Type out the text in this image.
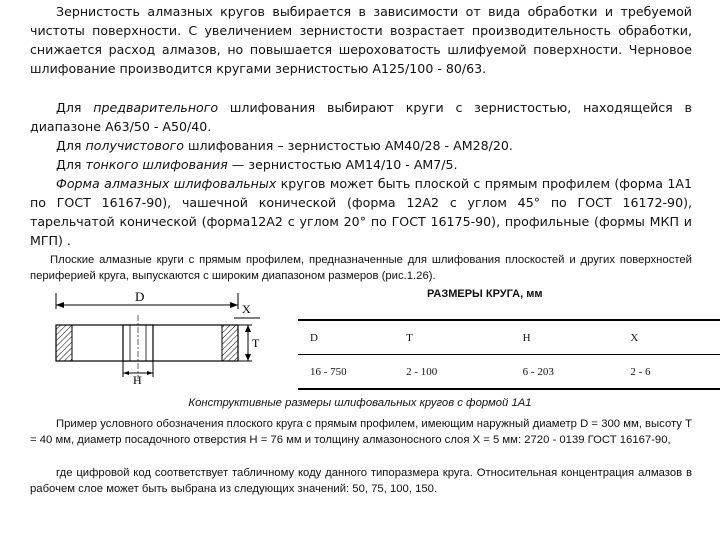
Зернистость алмазных кругов выбирается в зависимости от вида обработки и требуемой чистоты поверхности. С увеличением зернистости возрастает производительность обработки, снижается расход алмазов, но повышается шероховатость шлифуемой поверхности. Черновое шлифование производится кругами зернистостью А125/100 - 80/63.

Для предварительного шлифования выбирают круги с зернистостью, находящейся в диапазоне А63/50 - А50/40.

Для получистового шлифования – зернистостью АМ40/28 - АМ28/20.

Для тонкого шлифования — зернистостью АМ14/10 - АМ7/5.

Форма алмазных шлифовальных кругов может быть плоской с прямым профилем (форма 1А1 по ГОСТ 16167-90), чашечной конической (форма 12А2 с углом 45° по ГОСТ 16172-90), тарельчатой конической (форма12А2 с углом 20° по ГОСТ 16175-90), профильные (формы МКП и МГП) .

Плоские алмазные круги с прямым профилем, предназначенные для шлифования плоскостей и других поверхностей периферией круга, выпускаются с широким диапазоном размеров (рис.1.26).

D
X
T
H
РАЗМЕРЫ КРУГА, мм
D	T	H	X
16 - 750	2 - 100	6 - 203	2 - 6
Конструктивные размеры шлифовальных кругов с формой 1А1

Пример условного обозначения плоского круга с прямым профилем, имеющим наружный диаметр D = 300 мм, высоту Т = 40 мм, диаметр посадочного отверстия Н = 76 мм и толщину алмазоносного слоя Х = 5 мм: 2720 - 0139 ГОСТ 16167-90,

где цифровой код соответствует табличному коду данного типоразмера круга. Относительная концентрация алмазов в рабочем слое может быть выбрана из следующих значений: 50, 75, 100, 150.
